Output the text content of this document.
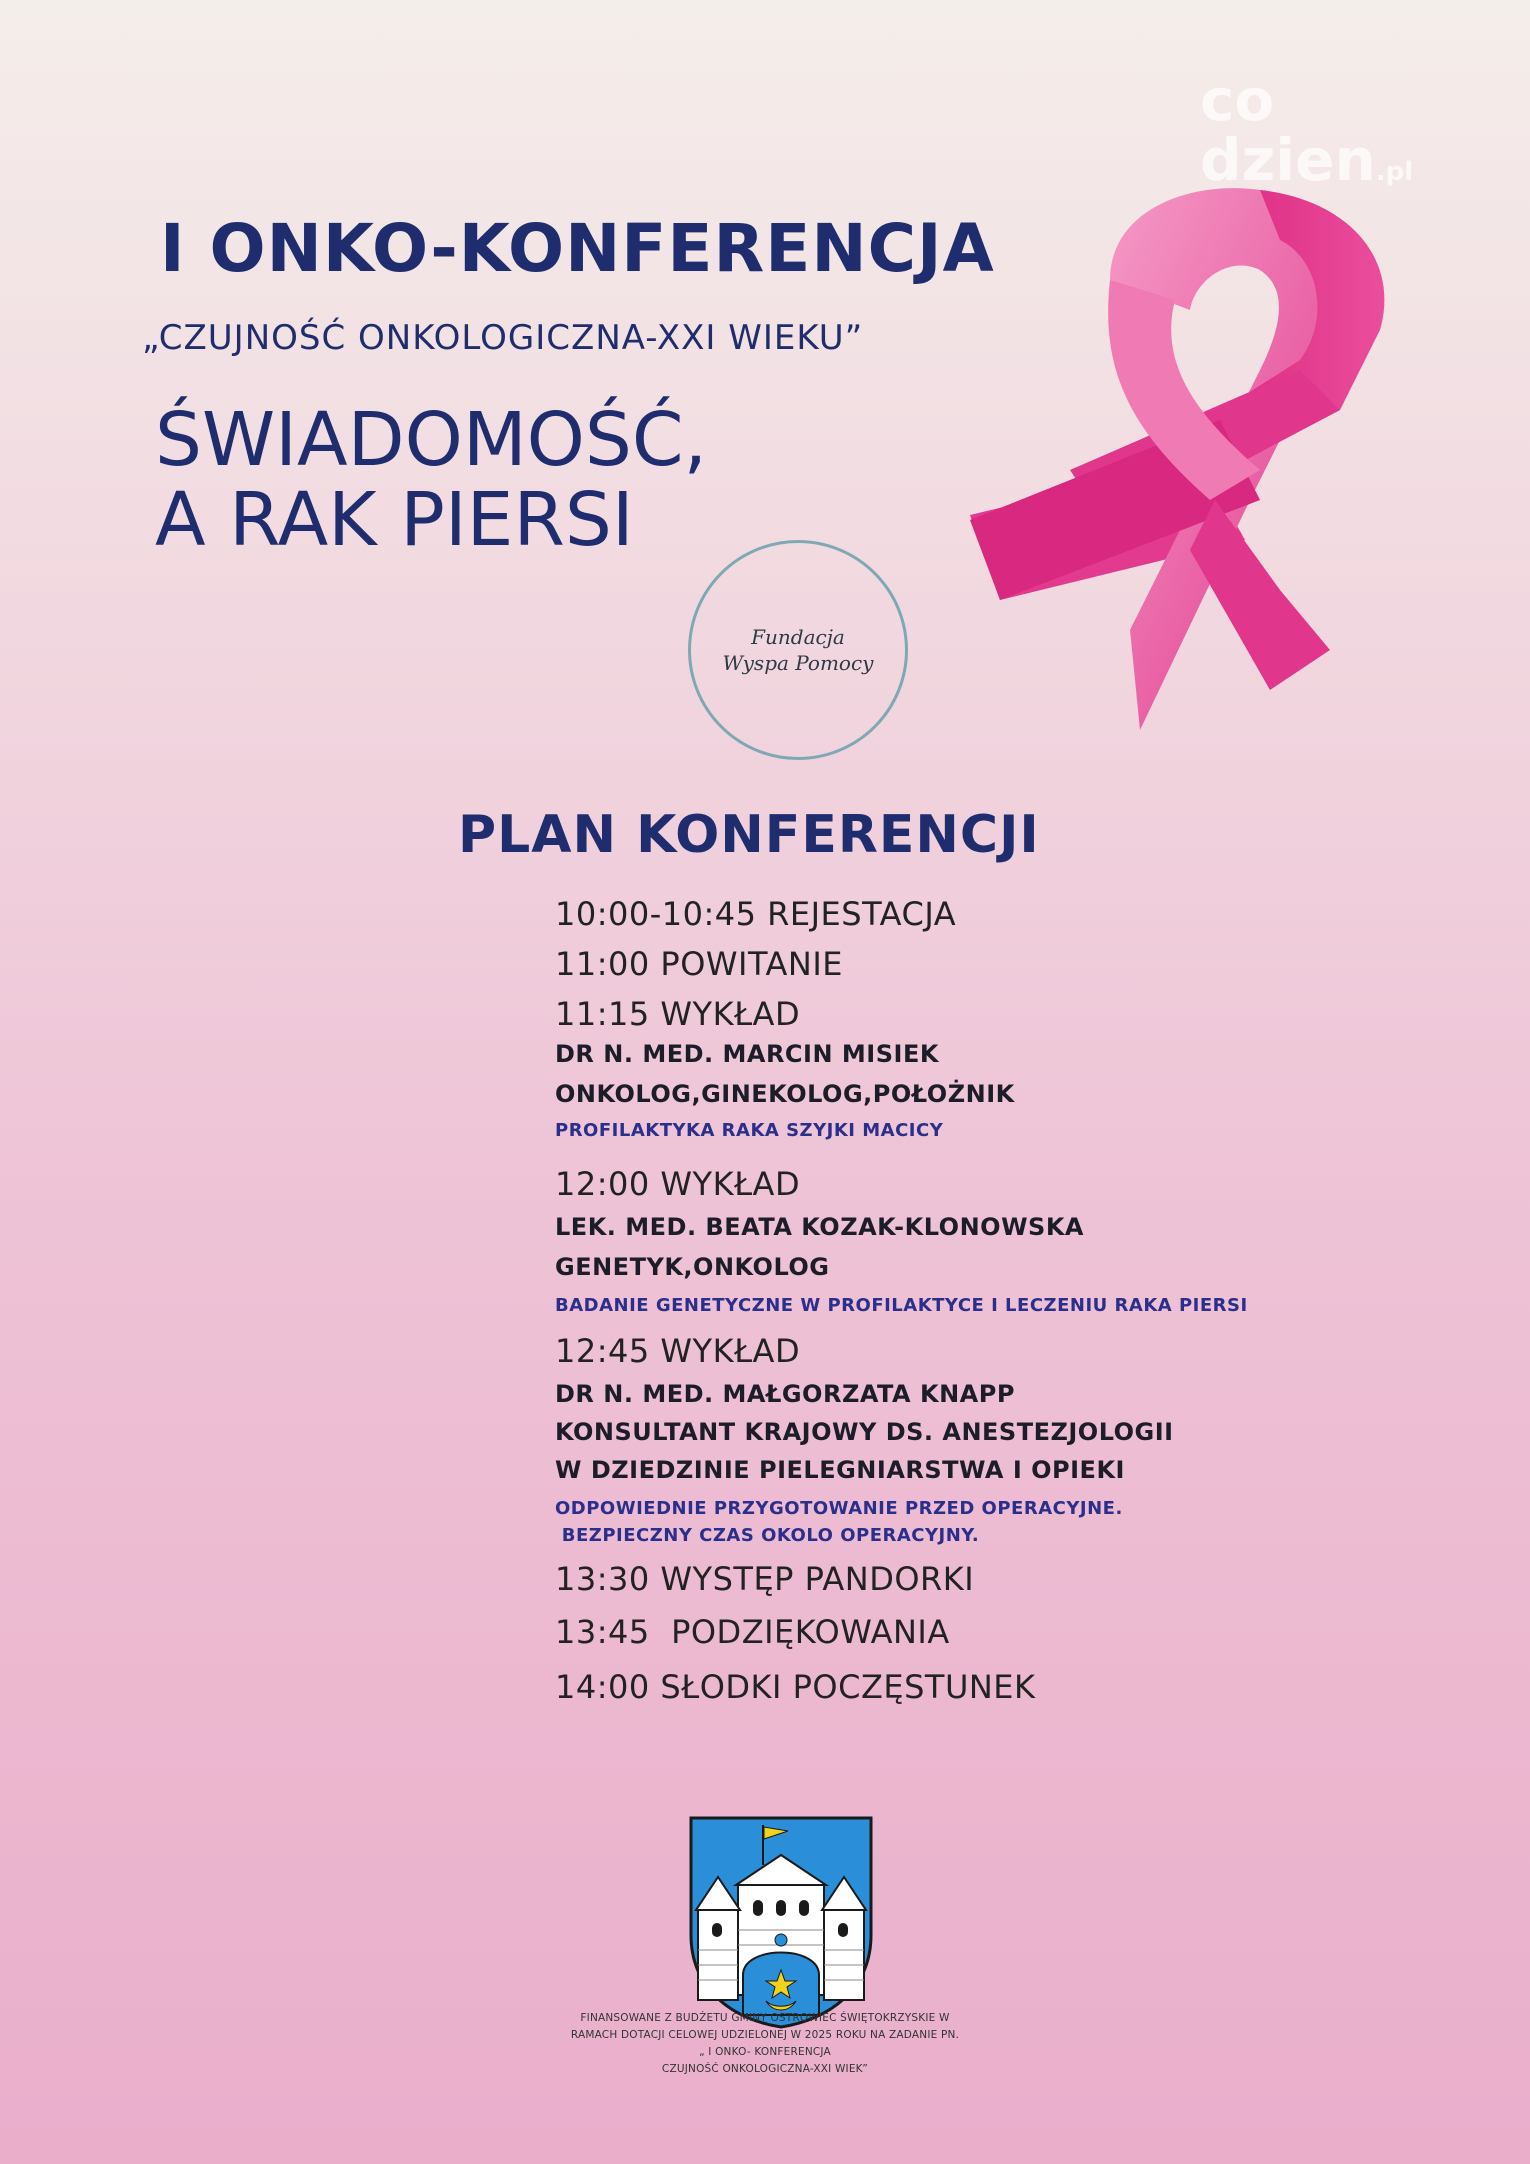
co
dzien.pl
I ONKO-KONFERENCJA
„CZUJNOŚĆ ONKOLOGICZNA-XXI WIEKU”
ŚWIADOMOŚĆ,
A RAK PIERSI
Fundacja
Wyspa Pomocy
PLAN KONFERENCJI
10:00-10:45 REJESTACJA
11:00 POWITANIE
11:15 WYKŁAD
DR N. MED. MARCIN MISIEK
ONKOLOG,GINEKOLOG,POŁOŻNIK
PROFILAKTYKA RAKA SZYJKI MACICY
12:00 WYKŁAD
LEK. MED. BEATA KOZAK-KLONOWSKA
GENETYK,ONKOLOG
BADANIE GENETYCZNE W PROFILAKTYCE I LECZENIU RAKA PIERSI
12:45 WYKŁAD
DR N. MED. MAŁGORZATA KNAPP
KONSULTANT KRAJOWY DS. ANESTEZJOLOGII
W DZIEDZINIE PIELEGNIARSTWA I OPIEKI
ODPOWIEDNIE PRZYGOTOWANIE PRZED OPERACYJNE.
BEZPIECZNY CZAS OKOLO OPERACYJNY.
13:30 WYSTĘP PANDORKI
13:45  PODZIĘKOWANIA
14:00 SŁODKI POCZĘSTUNEK
FINANSOWANE Z BUDŻETU GMINY OSTROWIEC ŚWIĘTOKRZYSKIE W
RAMACH DOTACJI CELOWEJ UDZIELONEJ W 2025 ROKU NA ZADANIE PN.
„ I ONKO- KONFERENCJA
CZUJNOŚĆ ONKOLOGICZNA-XXI WIEK”
